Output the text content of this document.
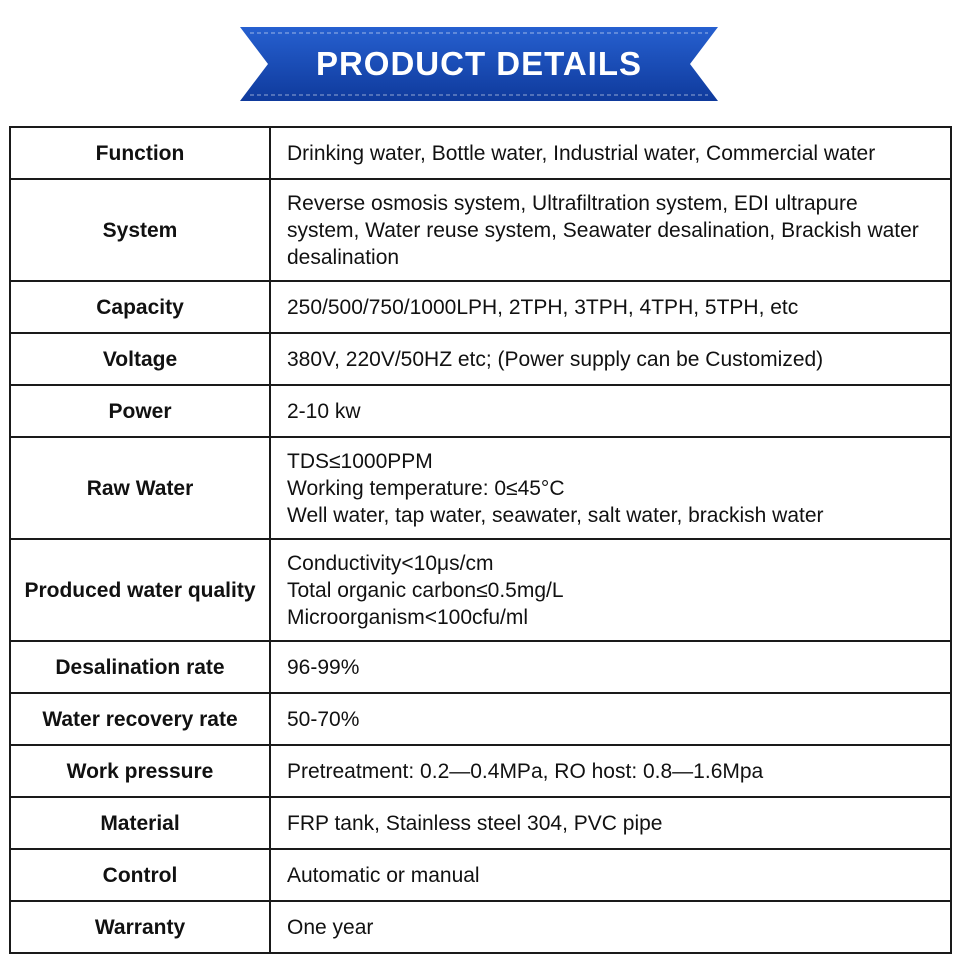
PRODUCT DETAILS
Function	Drinking water, Bottle water, Industrial water, Commercial water

System	Reverse osmosis system, Ultrafiltration system, EDI ultrapure
system, Water reuse system, Seawater desalination, Brackish water
desalination

Capacity	250/500/750/1000LPH, 2TPH, 3TPH, 4TPH, 5TPH, etc

Voltage	380V, 220V/50HZ etc; (Power supply can be Customized)

Power	2-10 kw

Raw Water	TDS≤1000PPM
Working temperature: 0≤45°C
Well water, tap water, seawater, salt water, brackish water

Produced water quality	Conductivity<10μs/cm
Total organic carbon≤0.5mg/L
Microorganism<100cfu/ml

Desalination rate	96-99%

Water recovery rate	50-70%

Work pressure	Pretreatment: 0.2—0.4MPa, RO host: 0.8—1.6Mpa

Material	FRP tank, Stainless steel 304, PVC pipe

Control	Automatic or manual

Warranty	One year
